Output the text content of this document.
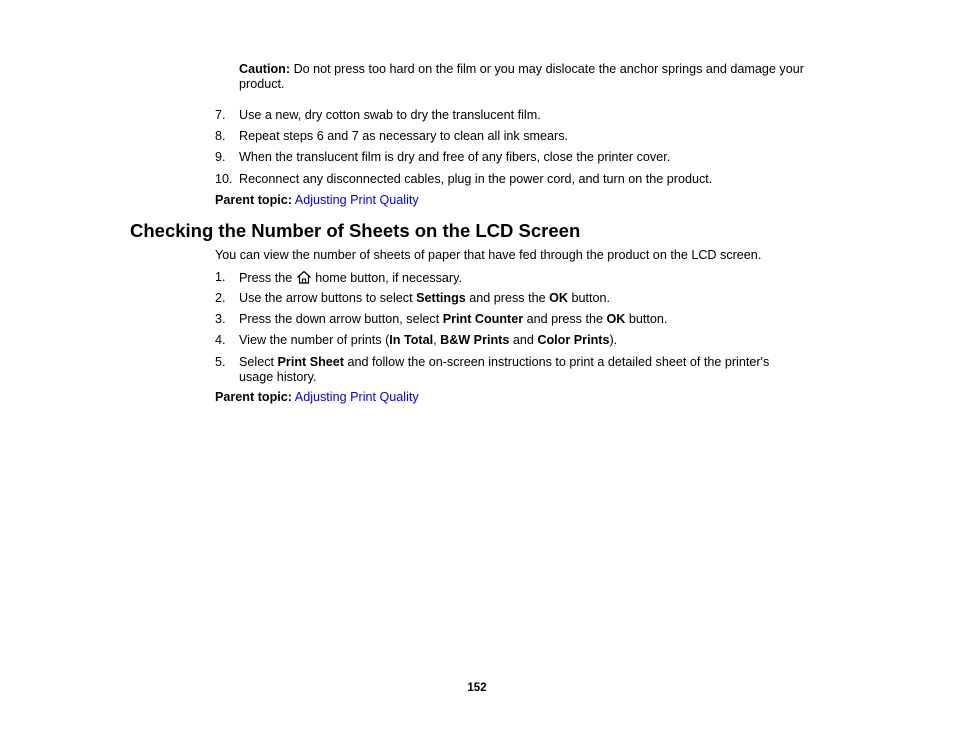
Caution: Do not press too hard on the film or you may dislocate the anchor springs and damage your product.
7. Use a new, dry cotton swab to dry the translucent film.
8. Repeat steps 6 and 7 as necessary to clean all ink smears.
9. When the translucent film is dry and free of any fibers, close the printer cover.
10. Reconnect any disconnected cables, plug in the power cord, and turn on the product.
Parent topic: Adjusting Print Quality
Checking the Number of Sheets on the LCD Screen
You can view the number of sheets of paper that have fed through the product on the LCD screen.
1. Press the  home button, if necessary.
2. Use the arrow buttons to select Settings and press the OK button.
3. Press the down arrow button, select Print Counter and press the OK button.
4. View the number of prints (In Total, B&W Prints and Color Prints).
5. Select Print Sheet and follow the on-screen instructions to print a detailed sheet of the printer's usage history.
Parent topic: Adjusting Print Quality
152
